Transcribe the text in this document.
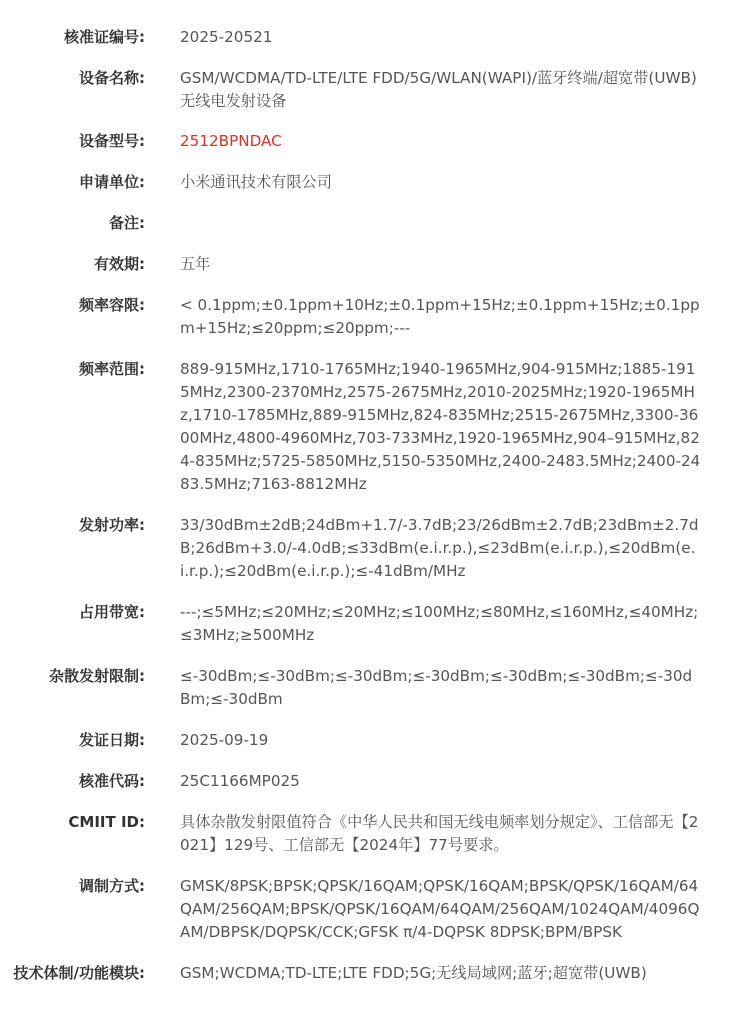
核准证编号:	2025-20521
设备名称:	GSM/WCDMA/TD-LTE/LTE FDD/5G/WLAN(WAPI)/蓝牙终端/超宽带(UWB)无线电发射设备
设备型号:	2512BPNDAC
申请单位:	小米通讯技术有限公司
备注:
有效期:	五年
频率容限:	< 0.1ppm;±0.1ppm+10Hz;±0.1ppm+15Hz;±0.1ppm+15Hz;±0.1ppm+15Hz;≤20ppm;≤20ppm;---
频率范围:	889-915MHz,1710-1765MHz;1940-1965MHz,904-915MHz;1885-1915MHz,2300-2370MHz,2575-2675MHz,2010-2025MHz;1920-1965MHz,1710-1785MHz,889-915MHz,824-835MHz;2515-2675MHz,3300-3600MHz,4800-4960MHz,703-733MHz,1920-1965MHz,904–915MHz,824-835MHz;5725-5850MHz,5150-5350MHz,2400-2483.5MHz;2400-2483.5MHz;7163-8812MHz
发射功率:	33/30dBm±2dB;24dBm+1.7/-3.7dB;23/26dBm±2.7dB;23dBm±2.7dB;26dBm+3.0/-4.0dB;≤33dBm(e.i.r.p.),≤23dBm(e.i.r.p.),≤20dBm(e.i.r.p.);≤20dBm(e.i.r.p.);≤-41dBm/MHz
占用带宽:	---;≤5MHz;≤20MHz;≤20MHz;≤100MHz;≤80MHz,≤160MHz,≤40MHz;≤3MHz;≥500MHz
杂散发射限制:	≤-30dBm;≤-30dBm;≤-30dBm;≤-30dBm;≤-30dBm;≤-30dBm;≤-30dBm;≤-30dBm
发证日期:	2025-09-19
核准代码:	25C1166MP025
CMIIT ID:	具体杂散发射限值符合《中华人民共和国无线电频率划分规定》、工信部无【2021】129号、工信部无【2024年】77号要求。
调制方式:	GMSK/8PSK;BPSK;QPSK/16QAM;QPSK/16QAM;BPSK/QPSK/16QAM/64QAM/256QAM;BPSK/QPSK/16QAM/64QAM/256QAM/1024QAM/4096QAM/DBPSK/DQPSK/CCK;GFSK π/4-DQPSK 8DPSK;BPM/BPSK
技术体制/功能模块:	GSM;WCDMA;TD-LTE;LTE FDD;5G;无线局域网;蓝牙;超宽带(UWB)
